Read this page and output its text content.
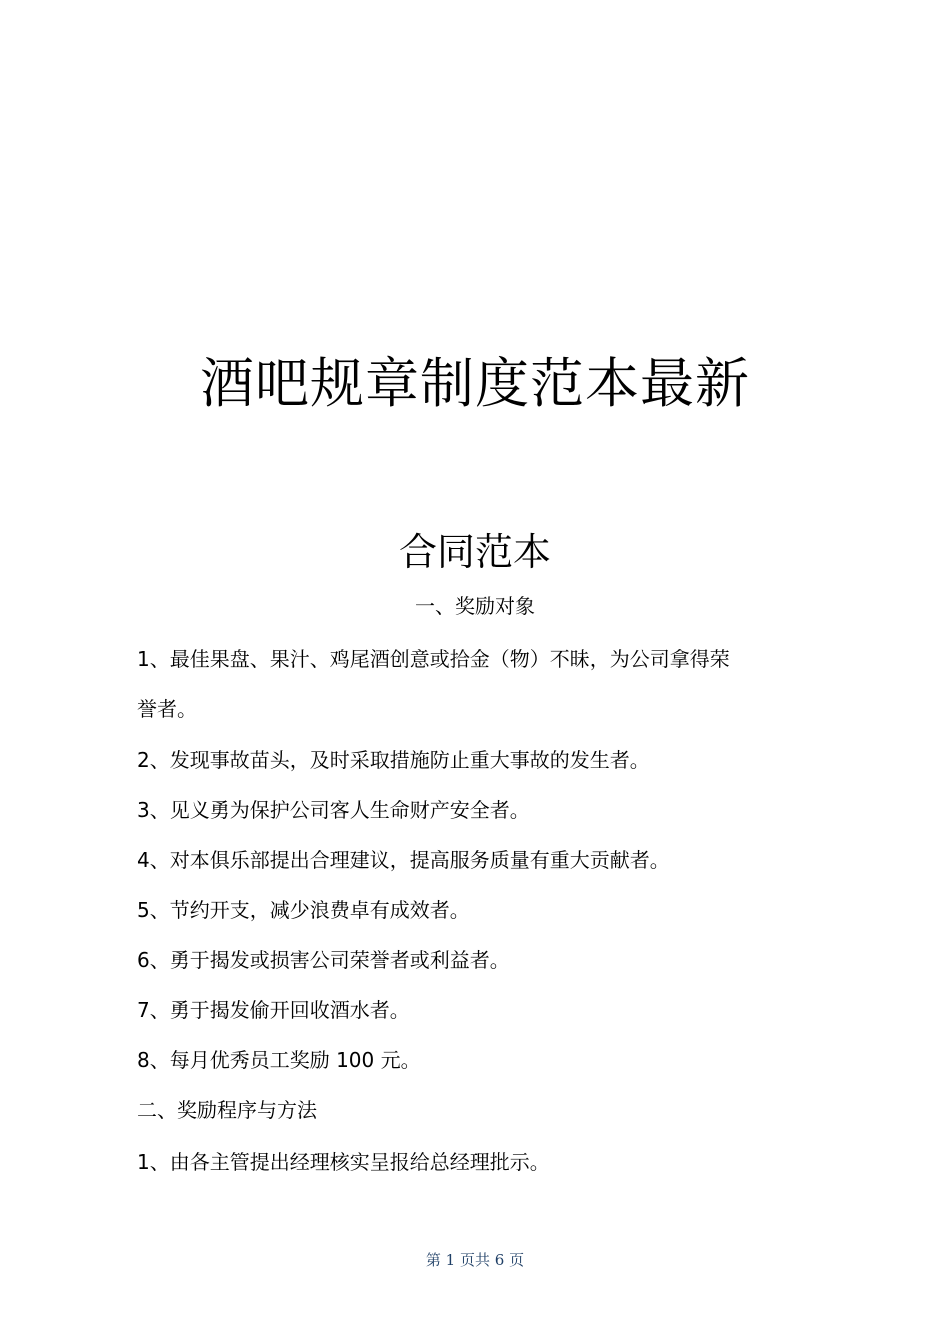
酒吧规章制度范本最新
合同范本
一、奖励对象
1、最佳果盘、果汁、鸡尾酒创意或拾金（物）不昧，为公司拿得荣
誉者。
2、发现事故苗头，及时采取措施防止重大事故的发生者。
3、见义勇为保护公司客人生命财产安全者。
4、对本俱乐部提出合理建议，提高服务质量有重大贡献者。
5、节约开支，减少浪费卓有成效者。
6、勇于揭发或损害公司荣誉者或利益者。
7、勇于揭发偷开回收酒水者。
8、每月优秀员工奖励 100 元。
二、奖励程序与方法
1、由各主管提出经理核实呈报给总经理批示。
第 1 页共 6 页
